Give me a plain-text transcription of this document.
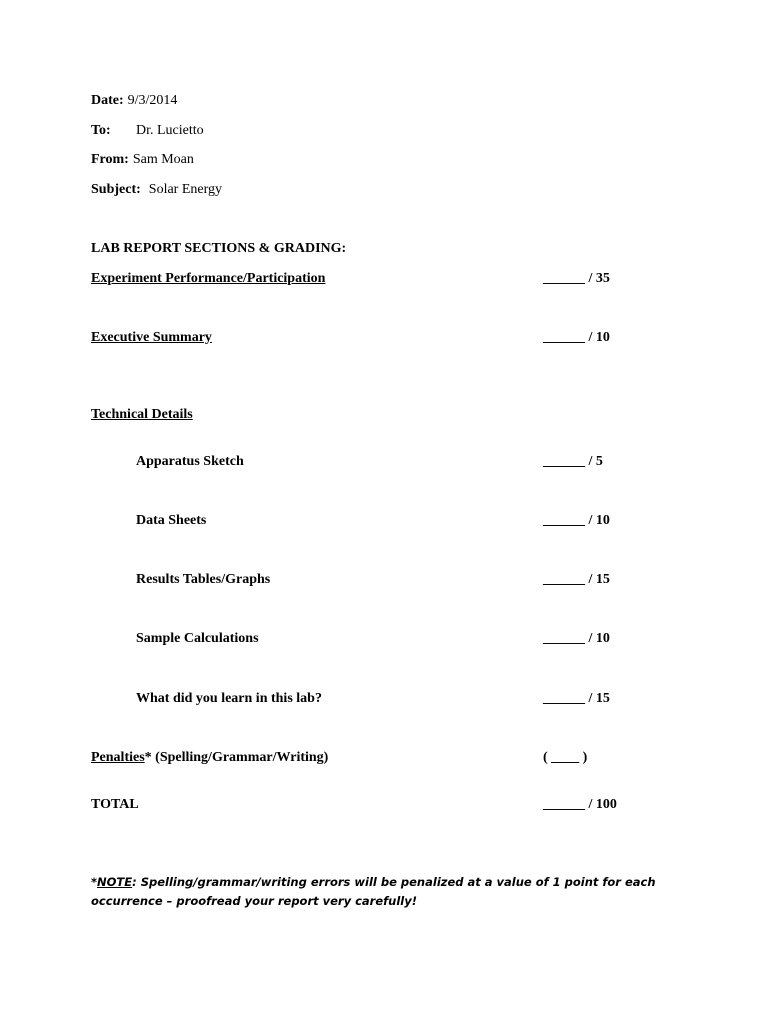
Date: 9/3/2014
To: Dr. Lucietto
From: Sam Moan
Subject: Solar Energy
LAB REPORT SECTIONS & GRADING:
Experiment Performance/Participation	______ / 35
Executive Summary	______ / 10
Technical Details
Apparatus Sketch	______ / 5
Data Sheets	______ / 10
Results Tables/Graphs	______ / 15
Sample Calculations	______ / 10
What did you learn in this lab?	______ / 15
Penalties* (Spelling/Grammar/Writing)	( ____ )
TOTAL	______ / 100
*NOTE: Spelling/grammar/writing errors will be penalized at a value of 1 point for each occurrence – proofread your report very carefully!
